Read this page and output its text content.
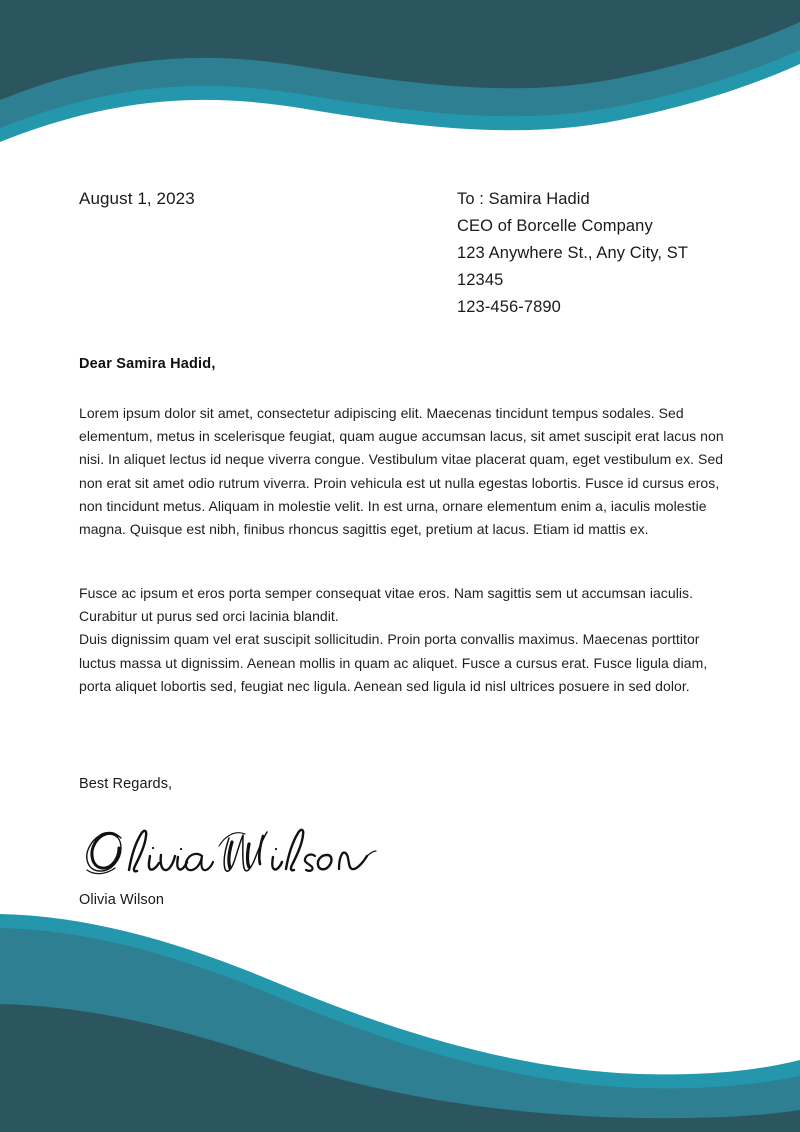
August 1, 2023	To : Samira Hadid
CEO of Borcelle Company
123 Anywhere St., Any City, ST 12345
123-456-7890
Dear Samira Hadid,

Lorem ipsum dolor sit amet, consectetur adipiscing elit. Maecenas tincidunt tempus sodales. Sed elementum, metus in scelerisque feugiat, quam augue accumsan lacus, sit amet suscipit erat lacus non nisi. In aliquet lectus id neque viverra congue. Vestibulum vitae placerat quam, eget vestibulum ex. Sed non erat sit amet odio rutrum viverra. Proin vehicula est ut nulla egestas lobortis. Fusce id cursus eros, non tincidunt metus. Aliquam in molestie velit. In est urna, ornare elementum enim a, iaculis molestie magna. Quisque est nibh, finibus rhoncus sagittis eget, pretium at lacus. Etiam id mattis ex.

Fusce ac ipsum et eros porta semper consequat vitae eros. Nam sagittis sem ut accumsan iaculis. Curabitur ut purus sed orci lacinia blandit.

Duis dignissim quam vel erat suscipit sollicitudin. Proin porta convallis maximus. Maecenas porttitor luctus massa ut dignissim. Aenean mollis in quam ac aliquet. Fusce a cursus erat. Fusce ligula diam, porta aliquet lobortis sed, feugiat nec ligula. Aenean sed ligula id nisl ultrices posuere in sed dolor.

Best Regards,
Olivia Wilson
